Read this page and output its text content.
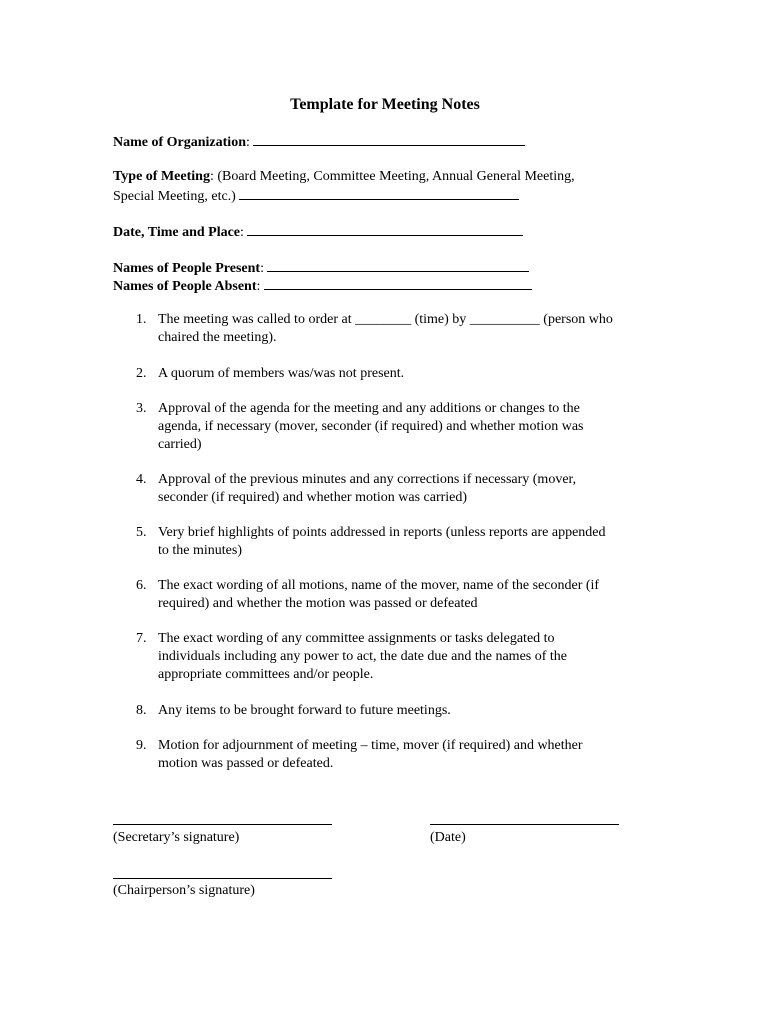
Template for Meeting Notes
Name of Organization:
Type of Meeting: (Board Meeting, Committee Meeting, Annual General Meeting,
Special Meeting, etc.)
Date, Time and Place:
Names of People Present:
Names of People Absent:
1. The meeting was called to order at ________ (time) by __________ (person who
chaired the meeting).
2. A quorum of members was/was not present.
3. Approval of the agenda for the meeting and any additions or changes to the
agenda, if necessary (mover, seconder (if required) and whether motion was
carried)
4. Approval of the previous minutes and any corrections if necessary (mover,
seconder (if required) and whether motion was carried)
5. Very brief highlights of points addressed in reports (unless reports are appended
to the minutes)
6. The exact wording of all motions, name of the mover, name of the seconder (if
required) and whether the motion was passed or defeated
7. The exact wording of any committee assignments or tasks delegated to
individuals including any power to act, the date due and the names of the
appropriate committees and/or people.
8. Any items to be brought forward to future meetings.
9. Motion for adjournment of meeting – time, mover (if required) and whether
motion was passed or defeated.
(Secretary’s signature)	(Date)
(Chairperson’s signature)
